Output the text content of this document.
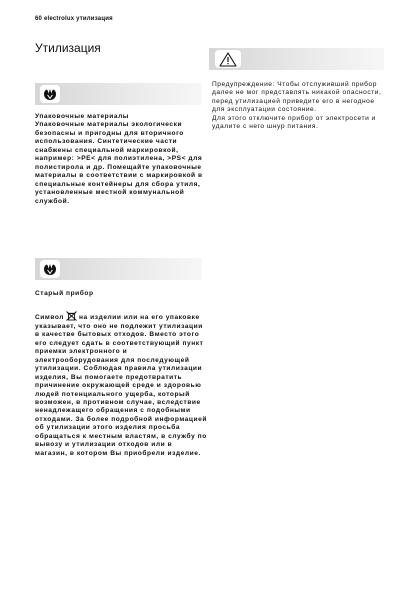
60 electrolux утилизация
Утилизация

Упаковочные материалы

Упаковочные материалы экологически безопасны и пригодны для вторичного использования. Синтетические части снабжены специальной маркировкой, например: >PE< для полиэтилена, >PS< для полистирола и др. Помещайте упаковочные материалы в соответствии с маркировкой в специальные контейнеры для сбора утиля, установленные местной коммунальной службой.

Старый прибор

Символ на изделии или на его упаковке указывает, что оно не подлежит утилизации в качестве бытовых отходов. Вместо этого его следует сдать в соответствующий пункт приемки электронного и электрооборудования для последующей утилизации. Соблюдая правила утилизации изделия, Вы помогаете предотвратить причинение окружающей среде и здоровью людей потенциального ущерба, который возможен, в противном случае, вследствие ненадлежащего обращения с подобными отходами. За более подробной информацией об утилизации этого изделия просьба обращаться к местным властям, в службу по вывозу и утилизации отходов или в магазин, в котором Вы приобрели изделие.

Предупреждение: Чтобы отслуживший прибор далее не мог представлять никакой опасности, перед утилизацией приведите его в негодное для эксплуатации состояние.

Для этого отключите прибор от электросети и удалите с него шнур питания.
